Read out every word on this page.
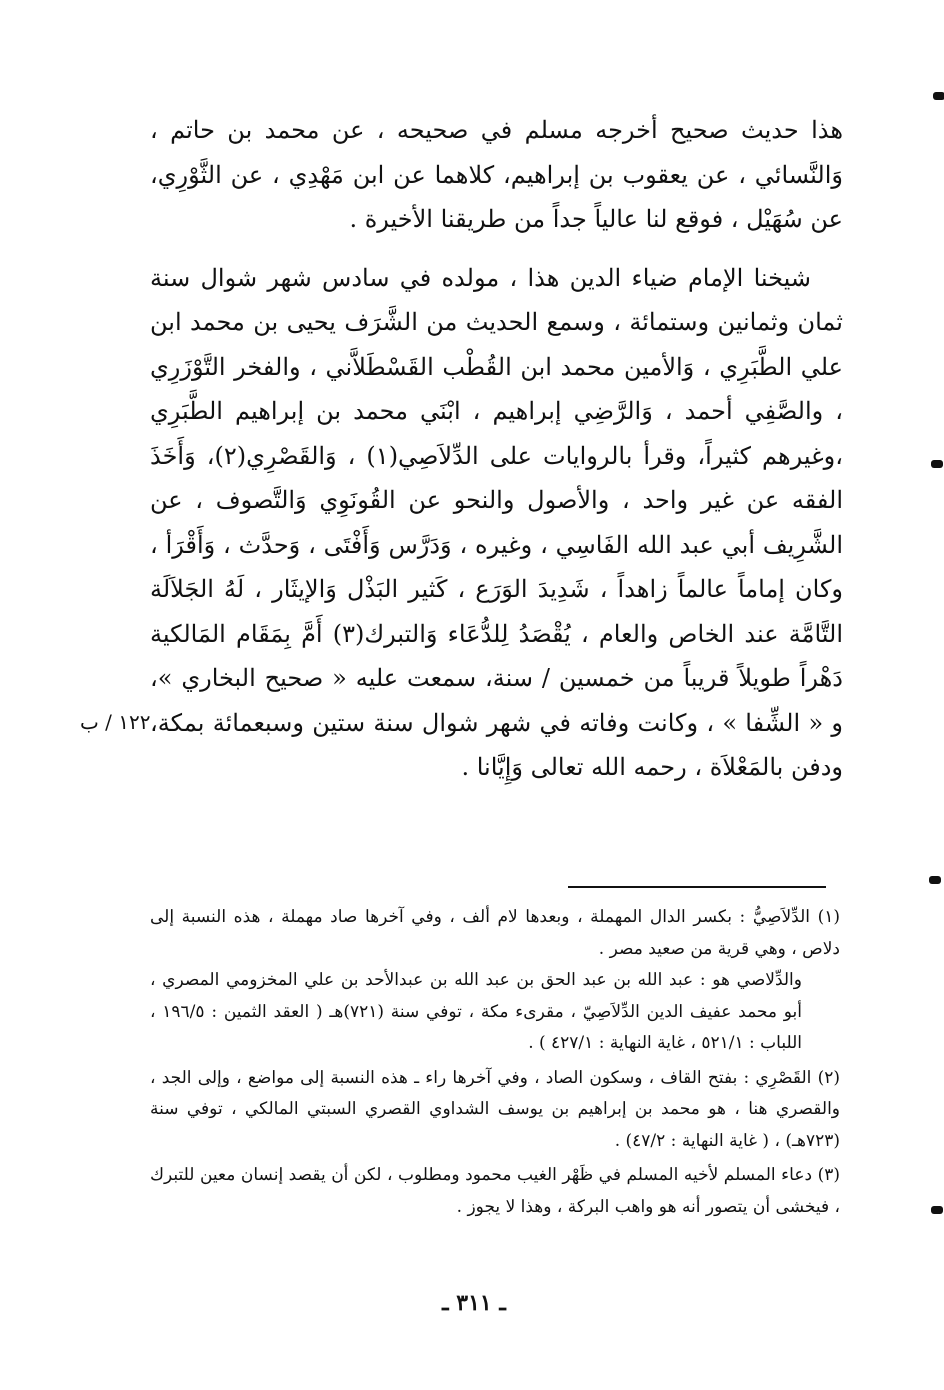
هذا حديث صحيح أخرجه مسلم في صحيحه ، عن محمد بن حاتم ، وَالنَّسائي ، عن يعقوب بن إبراهيم، كلاهما عن ابن مَهْدِي ، عن الثَّوْرِي، عن سُهَيْل ، فوقع لنا عالياً جداً من طريقنا الأخيرة .

شيخنا الإمام ضياء الدين هذا ، مولده في سادس شهر شوال سنة ثمان وثمانين وستمائة ، وسمع الحديث من الشَّرَف يحيى بن محمد ابن علي الطَّبَرِي ، وَالأمين محمد ابن القُطْب القَسْطَلاَّني ، والفخر التَّوْزَرِي ، والصَّفِي أحمد ، وَالرَّضِي إبراهيم ، ابْنَي محمد بن إبراهيم الطَّبَرِي ،وغيرهم كثيراً، وقرأ بالروايات على الدِّلاَصِي(١) ، وَالقَصْرِي(٢)، وَأَخَذَ الفقه عن غير واحد ، والأصول والنحو عن القُونَوِي وَالتَّصوف ، عن الشَّرِيف أبي عبد الله الفَاسِي ، وغيره ، وَدَرَّس وَأَفْتَى ، وَحدَّث ، وَأَقْرَأ ، وكان إماماً عالماً زاهداً ، شَدِيدَ الوَرَع ، كَثير البَذْل وَالإيثَار ، لَهُ الجَلاَلَة التَّامَّة عند الخاص والعام ، يُقْصَدُ لِلدُّعَاء وَالتبرك(٣) أَمَّ بِمَقَام المَالكية دَهْراً طويلاً قريباً من خمسين / سنة، سمعت عليه « صحيح البخاري »، و « الشِّفا » ، وكانت وفاته في شهر شوال سنة ستين وسبعمائة بمكة، ودفن بالمَعْلاَة ، رحمه الله تعالى وَإِيَّانا .

١٢٢ / ب
(١) الدِّلاَصِيُّ : بكسر الدال المهملة ، وبعدها لام ألف ، وفي آخرها صاد مهملة ، هذه النسبة إلى دلاص ، وهي قرية من صعيد مصر .
والدِّلاصي هو : عبد الله بن عبد الحق بن عبد الله بن عبدالأحد بن علي المخزومي المصري ، أبو محمد عفيف الدين الدِّلاَصِيّ ، مقرىء مكة ، توفي سنة (٧٢١)هـ ( العقد الثمين : ١٩٦/٥ ، اللباب : ٥٢١/١ ، غاية النهاية : ٤٢٧/١ ) .
(٢) القَصْرِي : بفتح القاف ، وسكون الصاد ، وفي آخرها راء ـ هذه النسبة إلى مواضع ، وإلى الجد ، والقصري هنا ، هو محمد بن إبراهيم بن يوسف الشداوي القصري السبتي المالكي ، توفي سنة (٧٢٣هـ) ، ( غاية النهاية : ٤٧/٢) .
(٣) دعاء المسلم لأخيه المسلم في ظَهْر الغيب محمود ومطلوب ، لكن أن يقصد إنسان معين للتبرك ، فيخشى أن يتصور أنه هو واهب البركة ، وهذا لا يجوز .
ـ ٣١١ ـ
